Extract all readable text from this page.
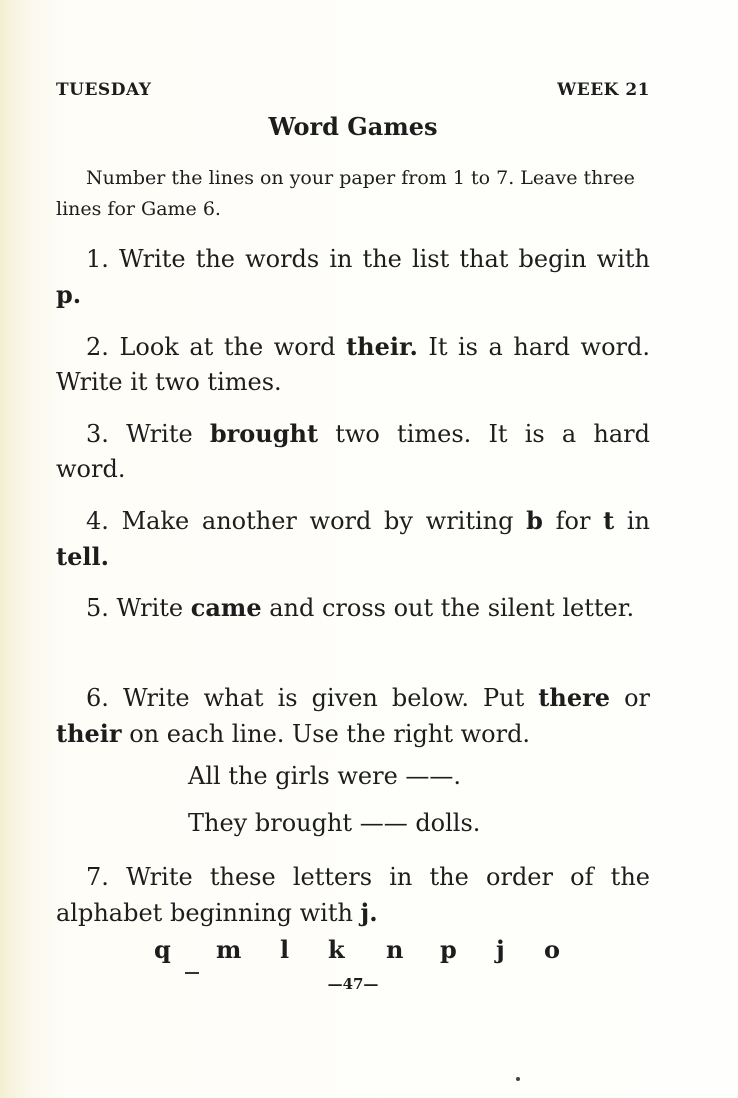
TUESDAY	WEEK 21
Word Games
Number the lines on your paper from 1 to 7. Leave three lines for Game 6.
1. Write the words in the list that begin with p.
2. Look at the word their. It is a hard word. Write it two times.
3. Write brought two times. It is a hard word.
4. Make another word by writing b for t in tell.
5. Write came and cross out the silent letter.
6. Write what is given below. Put there or their on each line. Use the right word.
All the girls were ——.
They brought —— dolls.
7. Write these letters in the order of the alphabet beginning with j.
q m l k n p j o
—47—
